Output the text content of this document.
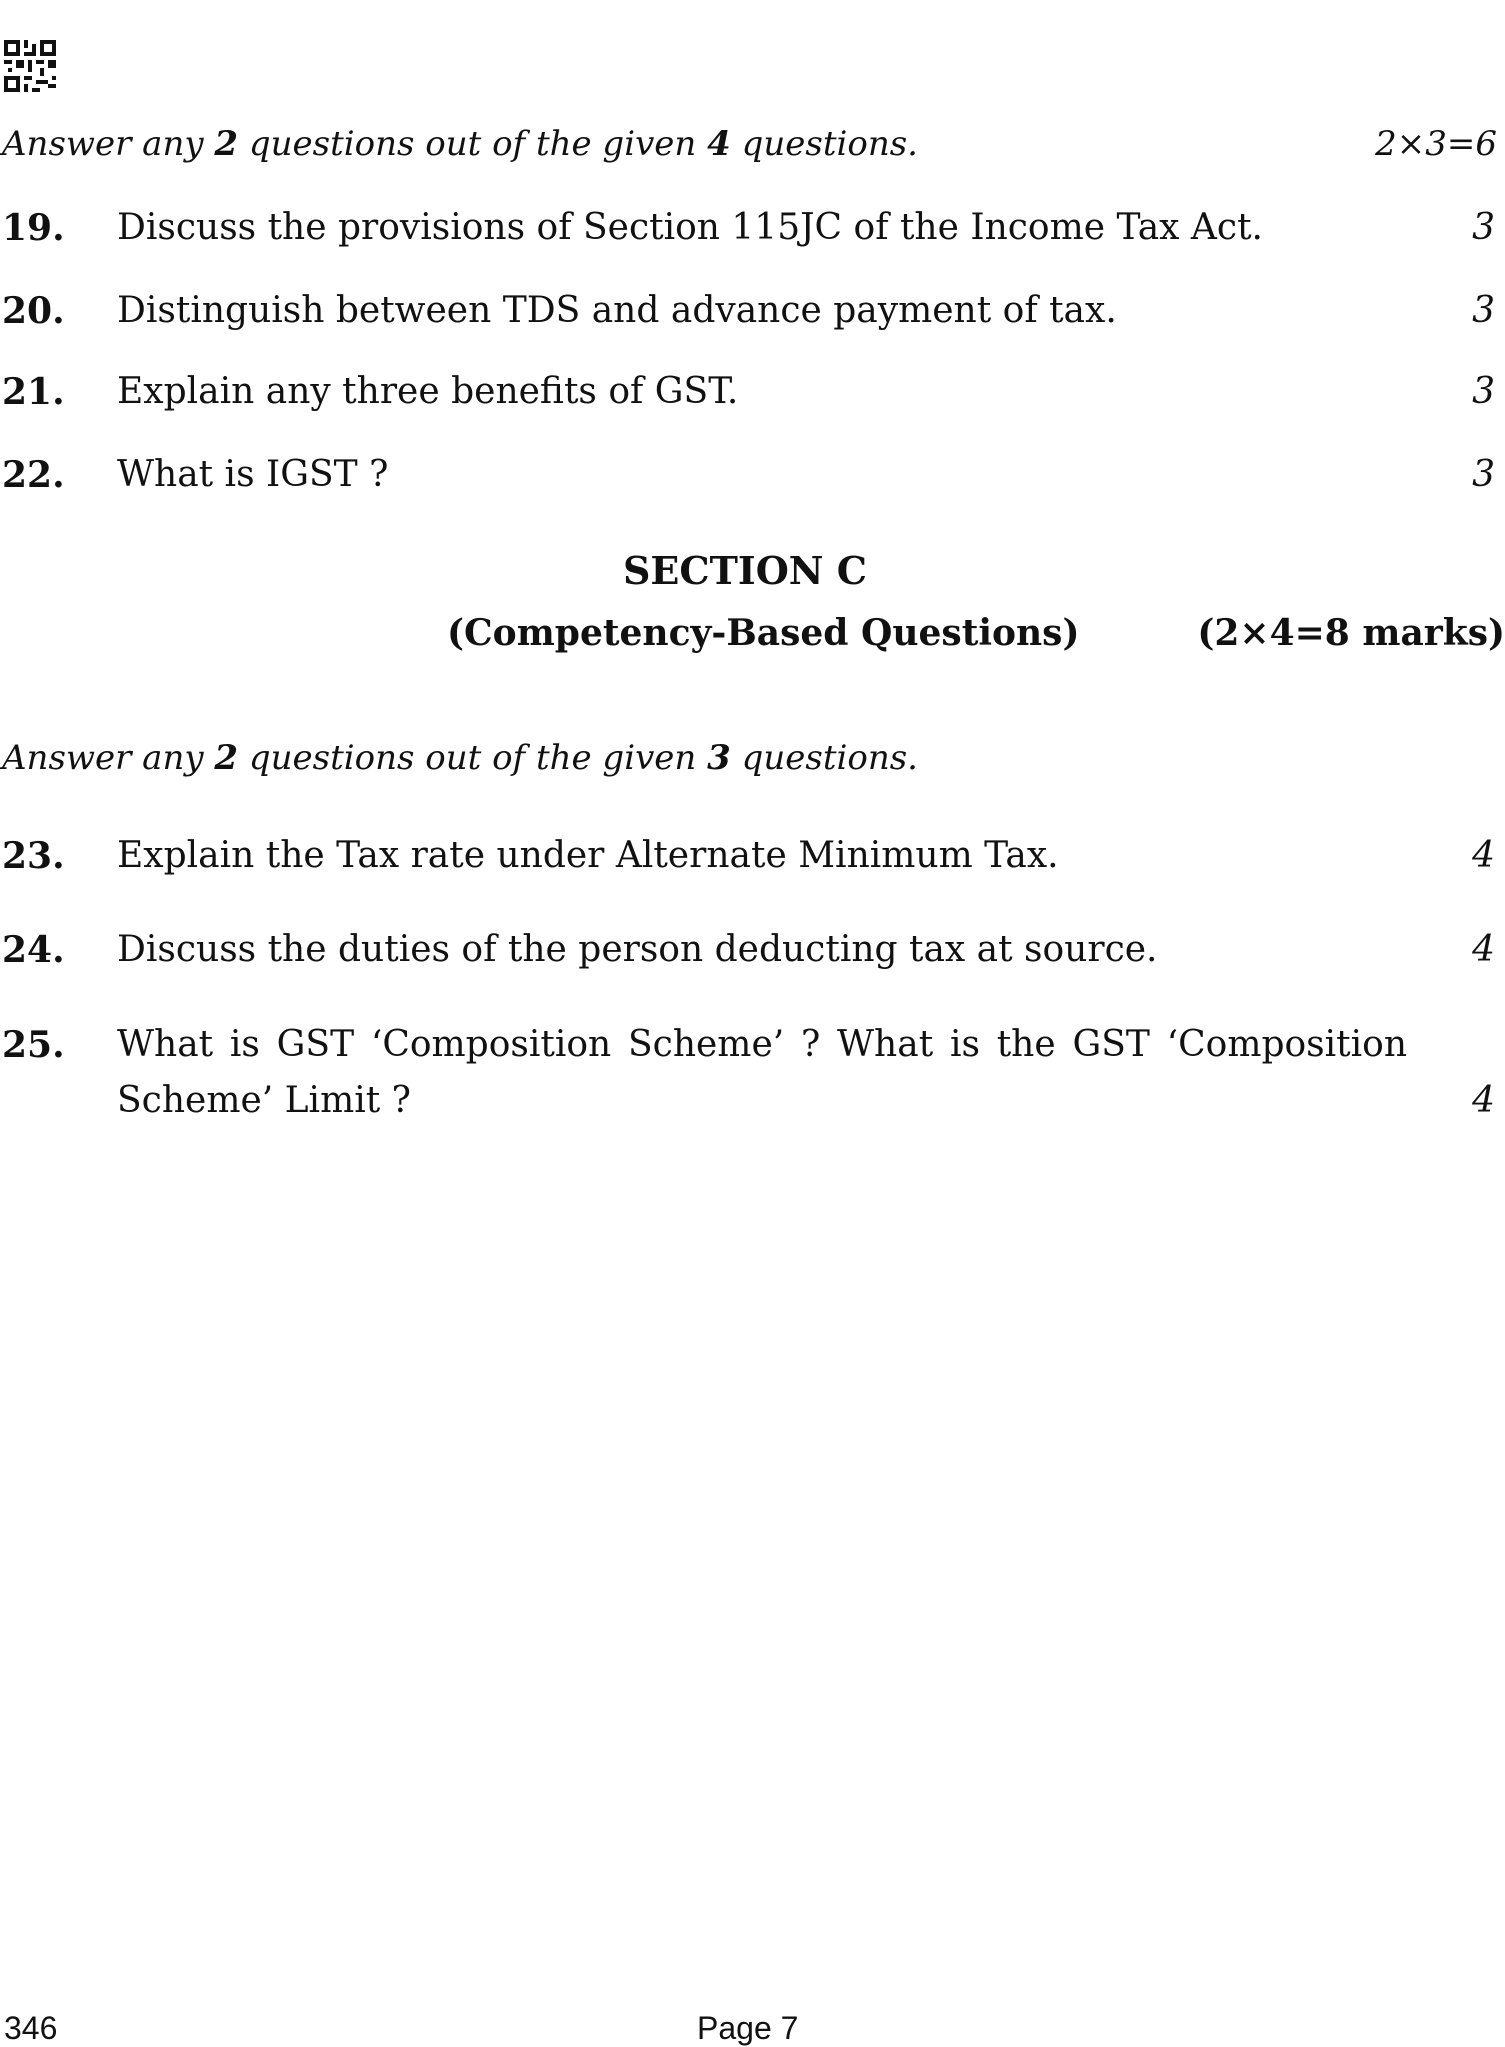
Answer any 2 questions out of the given 4 questions.	2×3=6
19. Discuss the provisions of Section 115JC of the Income Tax Act.	3
20. Distinguish between TDS and advance payment of tax.	3
21. Explain any three benefits of GST.	3
22. What is IGST ?	3
SECTION C
(Competency-Based Questions)	(2×4=8 marks)
Answer any 2 questions out of the given 3 questions.
23. Explain the Tax rate under Alternate Minimum Tax.	4
24. Discuss the duties of the person deducting tax at source.	4
25. What is GST ‘Composition Scheme’ ? What is the GST ‘Composition Scheme’ Limit ?	4
346	Page 7
